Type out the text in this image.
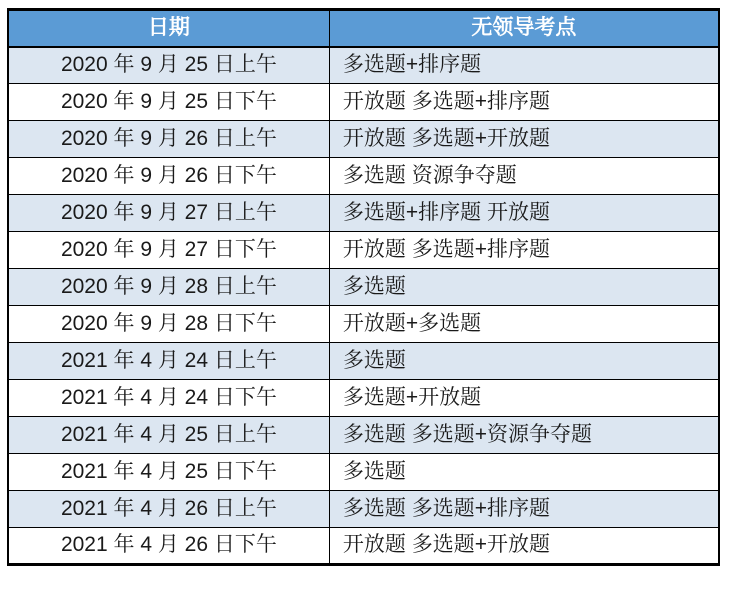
日期	无领导考点
2020 年 9 月 25 日上午	多选题+排序题
2020 年 9 月 25 日下午	开放题 多选题+排序题
2020 年 9 月 26 日上午	开放题 多选题+开放题
2020 年 9 月 26 日下午	多选题 资源争夺题
2020 年 9 月 27 日上午	多选题+排序题 开放题
2020 年 9 月 27 日下午	开放题 多选题+排序题
2020 年 9 月 28 日上午	多选题
2020 年 9 月 28 日下午	开放题+多选题
2021 年 4 月 24 日上午	多选题
2021 年 4 月 24 日下午	多选题+开放题
2021 年 4 月 25 日上午	多选题 多选题+资源争夺题
2021 年 4 月 25 日下午	多选题
2021 年 4 月 26 日上午	多选题 多选题+排序题
2021 年 4 月 26 日下午	开放题 多选题+开放题
